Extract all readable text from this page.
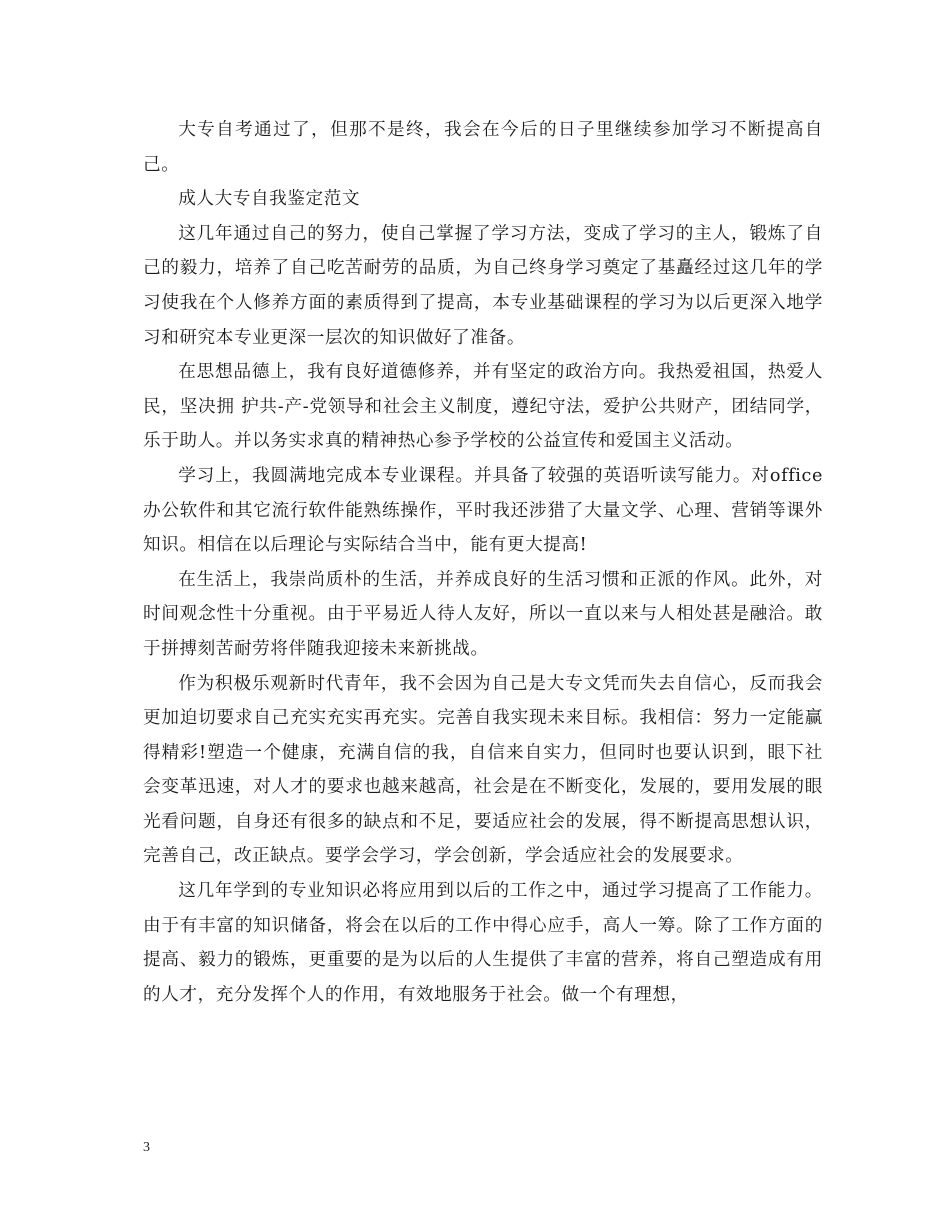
大专自考通过了，但那不是终，我会在今后的日子里继续参加学习不断提高自己。

成人大专自我鉴定范文

这几年通过自己的努力，使自己掌握了学习方法，变成了学习的主人，锻炼了自己的毅力，培养了自己吃苦耐劳的品质，为自己终身学习奠定了基矗经过这几年的学习使我在个人修养方面的素质得到了提高，本专业基础课程的学习为以后更深入地学习和研究本专业更深一层次的知识做好了准备。

在思想品德上，我有良好道德修养，并有坚定的政治方向。我热爱祖国，热爱人民，坚决拥 护共-产-党领导和社会主义制度，遵纪守法，爱护公共财产，团结同学，乐于助人。并以务实求真的精神热心参予学校的公益宣传和爱国主义活动。

学习上，我圆满地完成本专业课程。并具备了较强的英语听读写能力。对office办公软件和其它流行软件能熟练操作，平时我还涉猎了大量文学、心理、营销等课外知识。相信在以后理论与实际结合当中，能有更大提高!

在生活上，我崇尚质朴的生活，并养成良好的生活习惯和正派的作风。此外，对时间观念性十分重视。由于平易近人待人友好，所以一直以来与人相处甚是融洽。敢于拼搏刻苦耐劳将伴随我迎接未来新挑战。

作为积极乐观新时代青年，我不会因为自己是大专文凭而失去自信心，反而我会更加迫切要求自己充实充实再充实。完善自我实现未来目标。我相信：努力一定能赢得精彩!塑造一个健康，充满自信的我，自信来自实力，但同时也要认识到，眼下社会变革迅速，对人才的要求也越来越高，社会是在不断变化，发展的，要用发展的眼光看问题，自身还有很多的缺点和不足，要适应社会的发展，得不断提高思想认识，完善自己，改正缺点。要学会学习，学会创新，学会适应社会的发展要求。

这几年学到的专业知识必将应用到以后的工作之中，通过学习提高了工作能力。由于有丰富的知识储备，将会在以后的工作中得心应手，高人一筹。除了工作方面的提高、毅力的锻炼，更重要的是为以后的人生提供了丰富的营养，将自己塑造成有用的人才，充分发挥个人的作用，有效地服务于社会。做一个有理想，

3
